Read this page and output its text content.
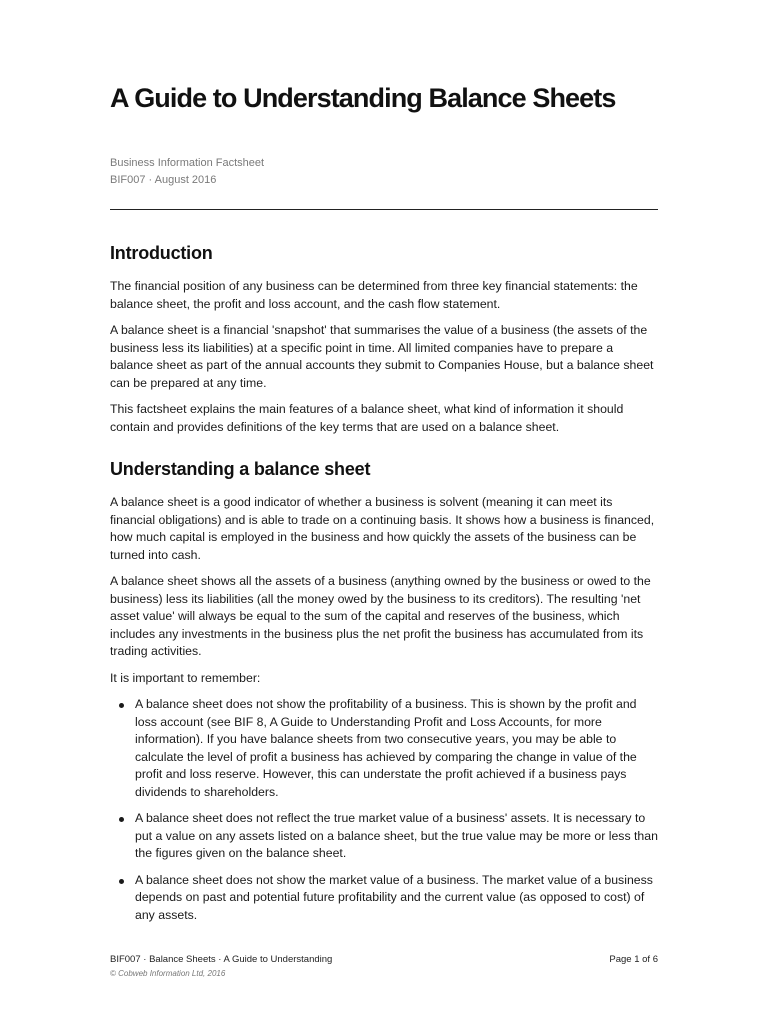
A Guide to Understanding Balance Sheets
Business Information Factsheet
BIF007 · August 2016
Introduction

The financial position of any business can be determined from three key financial statements: the balance sheet, the profit and loss account, and the cash flow statement.

A balance sheet is a financial 'snapshot' that summarises the value of a business (the assets of the business less its liabilities) at a specific point in time. All limited companies have to prepare a balance sheet as part of the annual accounts they submit to Companies House, but a balance sheet can be prepared at any time.

This factsheet explains the main features of a balance sheet, what kind of information it should contain and provides definitions of the key terms that are used on a balance sheet.

Understanding a balance sheet

A balance sheet is a good indicator of whether a business is solvent (meaning it can meet its financial obligations) and is able to trade on a continuing basis. It shows how a business is financed, how much capital is employed in the business and how quickly the assets of the business can be turned into cash.

A balance sheet shows all the assets of a business (anything owned by the business or owed to the business) less its liabilities (all the money owed by the business to its creditors). The resulting 'net asset value' will always be equal to the sum of the capital and reserves of the business, which includes any investments in the business plus the net profit the business has accumulated from its trading activities.

It is important to remember:

A balance sheet does not show the profitability of a business. This is shown by the profit and loss account (see BIF 8, A Guide to Understanding Profit and Loss Accounts, for more information). If you have balance sheets from two consecutive years, you may be able to calculate the level of profit a business has achieved by comparing the change in value of the profit and loss reserve. However, this can understate the profit achieved if a business pays dividends to shareholders.
A balance sheet does not reflect the true market value of a business' assets. It is necessary to put a value on any assets listed on a balance sheet, but the true value may be more or less than the figures given on the balance sheet.
A balance sheet does not show the market value of a business. The market value of a business depends on past and potential future profitability and the current value (as opposed to cost) of any assets.
BIF007 · Balance Sheets · A Guide to Understanding	Page 1 of 6
© Cobweb Information Ltd, 2016
